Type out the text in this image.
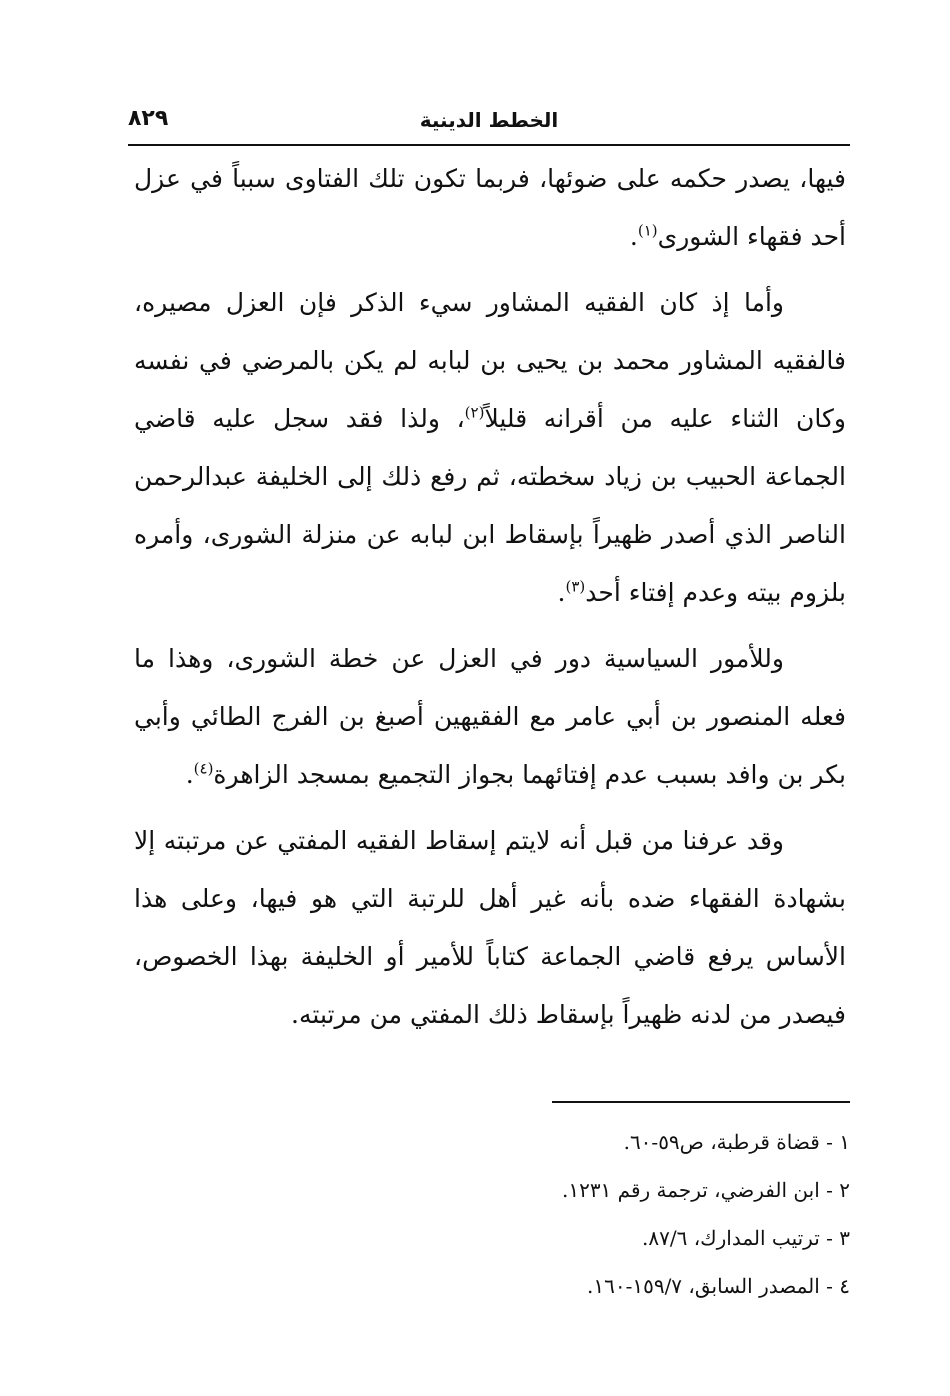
الخطط الدينية
٨٢٩

فيها، يصدر حكمه على ضوئها، فربما تكون تلك الفتاوى سبباً في عزل أحد فقهاء الشورى$^{(١)}$.

وأما إذ كان الفقيه المشاور سيء الذكر فإن العزل مصيره، فالفقيه المشاور محمد بن يحيى بن لبابه لم يكن بالمرضي في نفسه وكان الثناء عليه من أقرانه قليلاً$^{(٢)}$، ولذا فقد سجل عليه قاضي الجماعة الحبيب بن زياد سخطته، ثم رفع ذلك إلى الخليفة عبدالرحمن الناصر الذي أصدر ظهيراً بإسقاط ابن لبابه عن منزلة الشورى، وأمره بلزوم بيته وعدم إفتاء أحد$^{(٣)}$.

وللأمور السياسية دور في العزل عن خطة الشورى، وهذا ما فعله المنصور بن أبي عامر مع الفقيهين أصبغ بن الفرج الطائي وأبي بكر بن وافد بسبب عدم إفتائهما بجواز التجميع بمسجد الزاهرة$^{(٤)}$.

وقد عرفنا من قبل أنه لايتم إسقاط الفقيه المفتي عن مرتبته إلا بشهادة الفقهاء ضده بأنه غير أهل للرتبة التي هو فيها، وعلى هذا الأساس يرفع قاضي الجماعة كتاباً للأمير أو الخليفة بهذا الخصوص، فيصدر من لدنه ظهيراً بإسقاط ذلك المفتي من مرتبته.

١ - قضاة قرطبة، ص٥٩-٦٠.
٢ - ابن الفرضي، ترجمة رقم ١٢٣١.
٣ - ترتيب المدارك، ٨٧/٦.
٤ - المصدر السابق، ١٥٩/٧-١٦٠.
